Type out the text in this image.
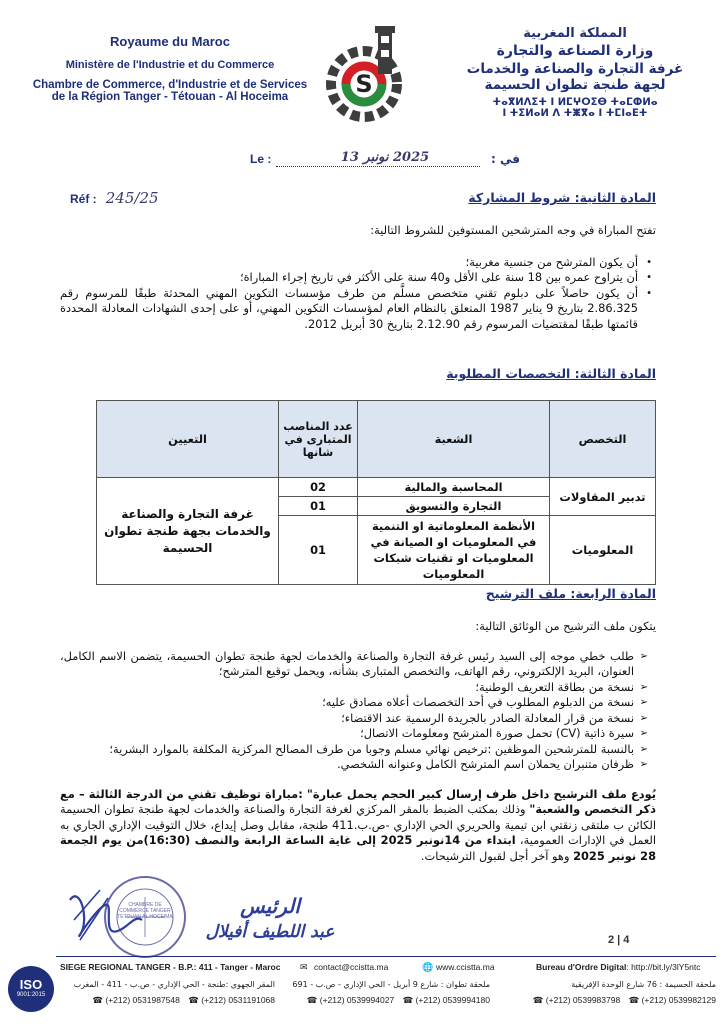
Royaume du Maroc
Ministère de l'Industrie et du Commerce
Chambre de Commerce, d'Industrie et de Services
de la Région Tanger - Tétouan - Al Hoceima	S
المملكة المغربية
وزارة الصناعة والتجارة
غرفة التجارة والصناعة والخدمات
لجهة طنجة تطوان الحسيمة
ⵜⴰⴳⵍⴷⵉⵜ ⵏ ⵍⵎⵖⵔⵉⴱ ⵜⴰⵎⵀⵍⴰ
ⵏ ⵜⵉⵍⴰⵍ ⴷ ⵜⵥⴳⴰ ⵏ ⵜⵎⵏⴰⴹⵜ
Le :	2025 نونبر 13	في :
Réf : 245/25	المادة الثانية: شروط المشاركة

تفتح المباراة في وجه المترشحين المستوفين للشروط التالية:

•
أن يكون المترشح من جنسية مغربية؛
•
أن يتراوح عمره بين 18 سنة على الأقل و40 سنة على الأكثر في تاريخ إجراء المباراة؛
•
أن يكون حاصلاً على دبلوم تقني متخصص مسلَّم من طرف مؤسسات التكوين المهني المحدثة طبقًا للمرسوم رقم 2.86.325 بتاريخ 9 يناير 1987 المتعلق بالنظام العام لمؤسسات التكوين المهني، أو على إحدى الشهادات المعادلة المحددة قائمتها طبقًا لمقتضيات المرسوم رقم 2.12.90 بتاريخ 30 أبريل 2012.
المادة الثالثة: التخصصات المطلوبة
التخصص	الشعبة	عدد المناصب المتبارى في شانها	التعيين
تدبير المقاولات	المحاسبة والمالية	02	غرفة التجارة والصناعة والخدمات بجهة طنجة تطوان الحسيمة
	التجارة والتسويق	01	
المعلوميات	الأنظمة المعلوماتية او التنمية في المعلوميات او الصيانة في المعلوميات او تقنيات شبكات المعلوميات	01	
المادة الرابعة: ملف الترشيح

يتكون ملف الترشيح من الوثائق التالية:

➢
طلب خطي موجه إلى السيد رئيس غرفة التجارة والصناعة والخدمات لجهة طنجة تطوان الحسيمة، يتضمن الاسم الكامل، العنوان، البريد الإلكتروني، رقم الهاتف، والتخصص المتبارى بشأنه، ويحمل توقيع المترشح؛
➢
نسخة من بطاقة التعريف الوطنية؛
➢
نسخة من الدبلوم المطلوب في أحد التخصصات أعلاه مصادق عليه؛
➢
نسخة من قرار المعادلة الصادر بالجريدة الرسمية عند الاقتضاء؛
➢
سيرة ذاتية (CV) تحمل صورة المترشح ومعلومات الاتصال؛
➢
بالنسبة للمترشحين الموظفين :ترخيص نهائي مسلم وجوبا من طرف المصالح المركزية المكلفة بالموارد البشرية؛
➢
ظرفان متنبران يحملان اسم المترشح الكامل وعنوانه الشخصي.

يُودع ملف الترشيح داخل ظرف إرسال كبير الحجم يحمل عبارة" :مباراة توظيف تقني من الدرجة الثالثة – مع ذكر التخصص والشعبة" وذلك بمكتب الضبط بالمقر المركزي لغرفة التجارة والصناعة والخدمات لجهة طنجة تطوان الحسيمة الكائن ب ملتقى زنقتي ابن تيمية والحريري الحي الإداري -ص.ب.411 طنجة، مقابل وصل إيداع، خلال التوقيت الإداري الجاري به العمل في الإدارات العمومية، ابتداء من 14نونبر 2025 إلى غاية الساعة الرابعة والنصف (16:30)من يوم الجمعة 28 نونبر 2025 وهو آخر أجل لقبول الترشيحات.

CHAMBRE DE COMMERCE TANGER TETOUAN AL HOCEIMA	الرئيس
عبد اللطيف أفيلال	2 | 4
ISO
9001:2015
SIEGE REGIONAL TANGER - B.P.: 411 - Tanger - Maroc ✉ contact@ccistta.ma	🌐 www.ccistta.ma	Bureau d'Ordre Digital: http://bit.ly/3lY5ntc
ملحقة الحسيمة : 76 شارع الوحدة الإفريقية
☎ (+212) 0539983798 ☎ (+212) 0539982129
ملحقة تطوان : شارع 9 أبريل - الحي الإداري - ص.ب - 691
☎ (+212) 0539994027 ☎ (+212) 0539994180
المقر الجهوي :طنجة - الحي الإداري - ص.ب - 411 - المغرب
☎ (+212) 0531987548 ☎ (+212) 0531191068
